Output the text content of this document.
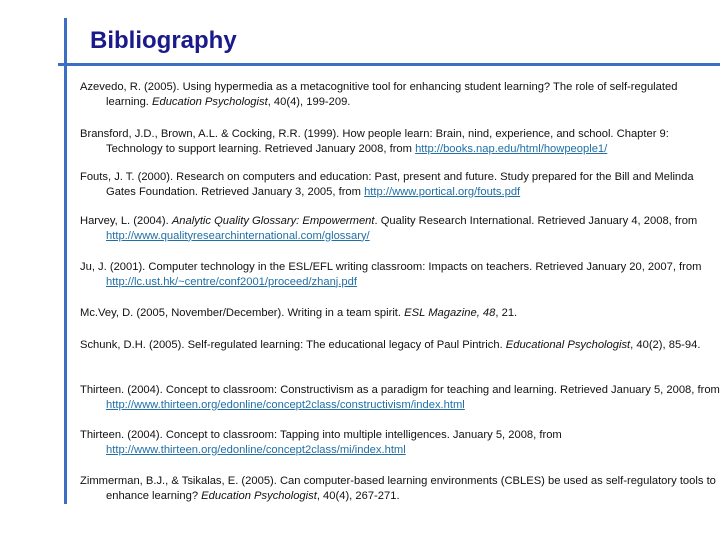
Bibliography
Azevedo, R. (2005). Using hypermedia as a metacognitive tool for enhancing student learning? The role of self-regulated learning. Education Psychologist, 40(4), 199-209.
Bransford, J.D., Brown, A.L. & Cocking, R.R. (1999). How people learn: Brain, nind, experience, and school. Chapter 9: Technology to support learning. Retrieved January 2008, from http://books.nap.edu/html/howpeople1/
Fouts, J. T. (2000). Research on computers and education: Past, present and future. Study prepared for the Bill and Melinda Gates Foundation. Retrieved January 3, 2005, from http://www.portical.org/fouts.pdf
Harvey, L. (2004). Analytic Quality Glossary: Empowerment. Quality Research International. Retrieved January 4, 2008, from http://www.qualityresearchinternational.com/glossary/
Ju, J. (2001). Computer technology in the ESL/EFL writing classroom: Impacts on teachers. Retrieved January 20, 2007, from http://lc.ust.hk/~centre/conf2001/proceed/zhanj.pdf
Mc.Vey, D. (2005, November/December). Writing in a team spirit. ESL Magazine, 48, 21.
Schunk, D.H. (2005). Self-regulated learning: The educational legacy of Paul Pintrich. Educational Psychologist, 40(2), 85-94.
Thirteen. (2004). Concept to classroom: Constructivism as a paradigm for teaching and learning. Retrieved January 5, 2008, from http://www.thirteen.org/edonline/concept2class/constructivism/index.html
Thirteen. (2004). Concept to classroom: Tapping into multiple intelligences. January 5, 2008, from http://www.thirteen.org/edonline/concept2class/mi/index.html
Zimmerman, B.J., & Tsikalas, E. (2005). Can computer-based learning environments (CBLES) be used as self-regulatory tools to enhance learning? Education Psychologist, 40(4), 267-271.
